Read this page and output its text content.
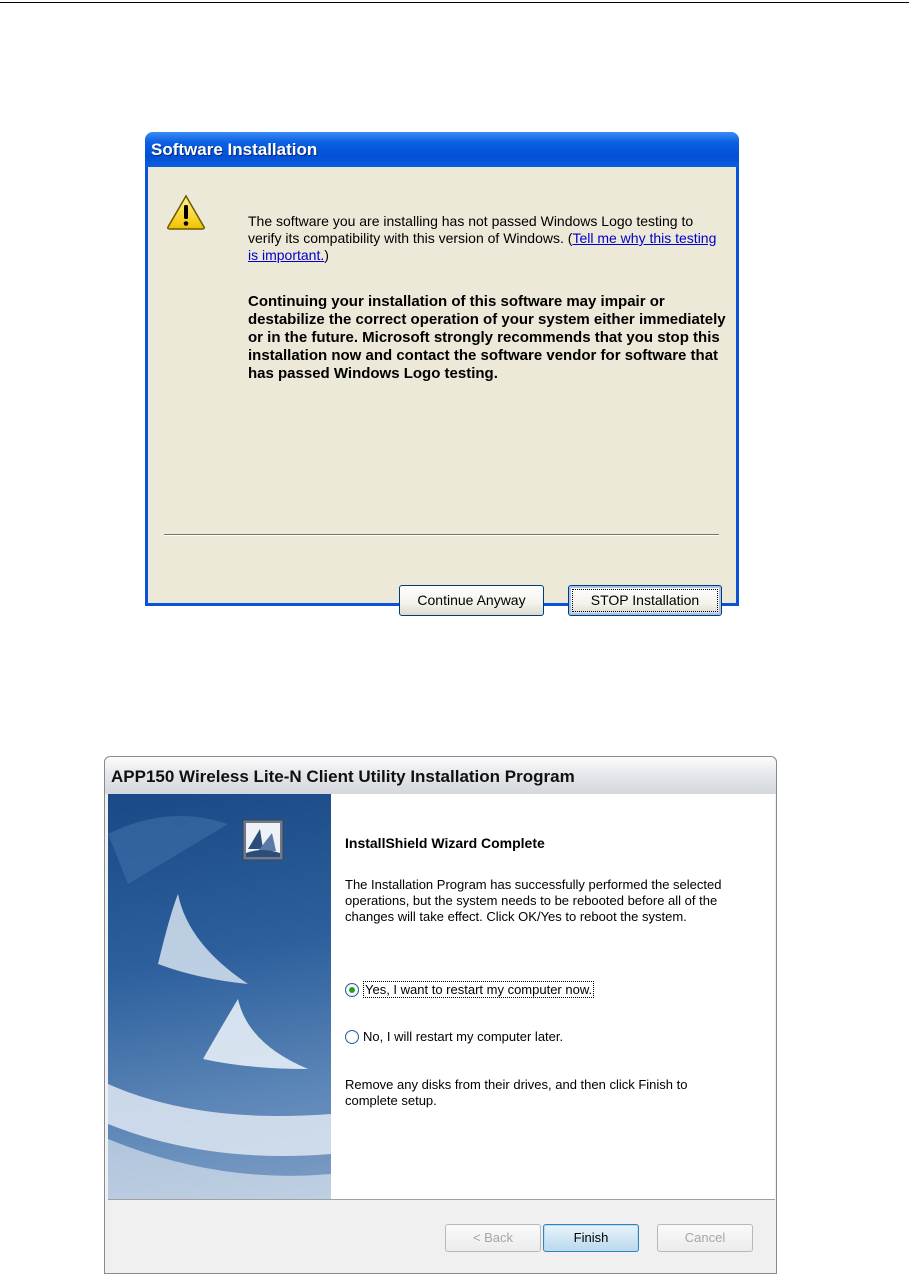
Software Installation
The software you are installing has not passed Windows Logo testing to verify its compatibility with this version of Windows. (Tell me why this testing is important.)
Continuing your installation of this software may impair or destabilize the correct operation of your system either immediately or in the future. Microsoft strongly recommends that you stop this installation now and contact the software vendor for software that has passed Windows Logo testing.
Continue Anyway	STOP Installation
APP150 Wireless Lite-N Client Utility Installation Program
InstallShield Wizard Complete
The Installation Program has successfully performed the selected operations, but the system needs to be rebooted before all of the changes will take effect. Click OK/Yes to reboot the system.
Yes, I want to restart my computer now.
No, I will restart my computer later.
Remove any disks from their drives, and then click Finish to complete setup.
< Back	Finish	Cancel
